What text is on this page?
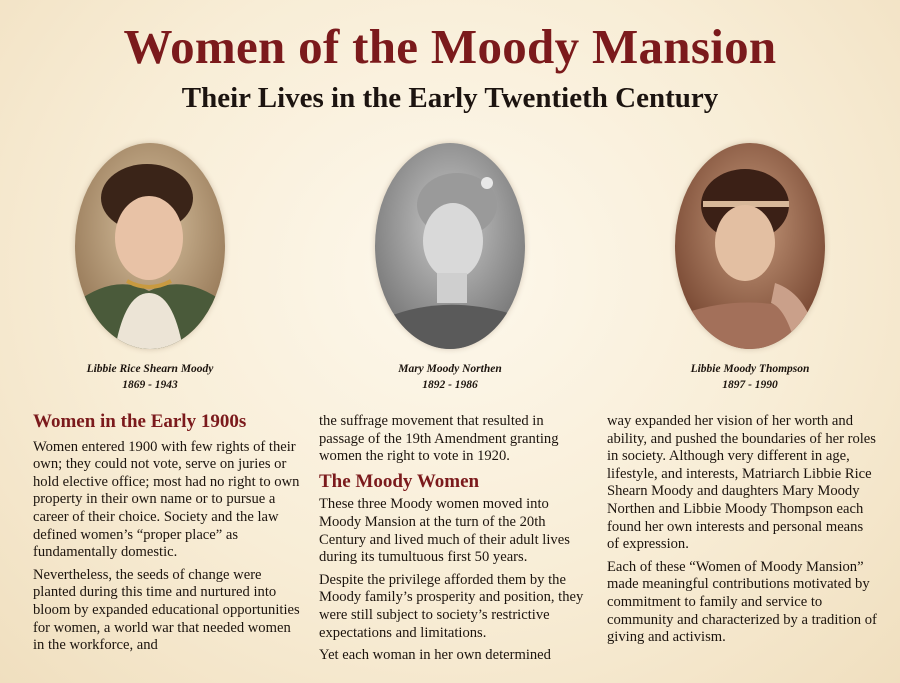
Women of the Moody Mansion
Their Lives in the Early Twentieth Century
Libbie Rice Shearn Moody
1869 - 1943
Mary Moody Northen
1892 - 1986
Libbie Moody Thompson
1897 - 1990
Women in the Early 1900s

Women entered 1900 with few rights of their own; they could not vote, serve on juries or hold elective office; most had no right to own property in their own name or to pursue a career of their choice. Society and the law defined women’s “proper place” as fundamentally domestic.

Nevertheless, the seeds of change were planted during this time and nurtured into bloom by expanded educational opportunities for women, a world war that needed women in the workforce, and

the suffrage movement that resulted in passage of the 19th Amendment granting women the right to vote in 1920.

The Moody Women

These three Moody women moved into Moody Mansion at the turn of the 20th Century and lived much of their adult lives during its tumultuous first 50 years.

Despite the privilege afforded them by the Moody family’s prosperity and position, they were still subject to society’s restrictive expectations and limitations.

Yet each woman in her own determined

way expanded her vision of her worth and ability, and pushed the boundaries of her roles in society. Although very different in age, lifestyle, and interests, Matriarch Libbie Rice Shearn Moody and daughters Mary Moody Northen and Libbie Moody Thompson each found her own interests and personal means of expression.

Each of these “Women of Moody Mansion” made meaningful contributions motivated by commitment to family and service to community and characterized by a tradition of giving and activism.
